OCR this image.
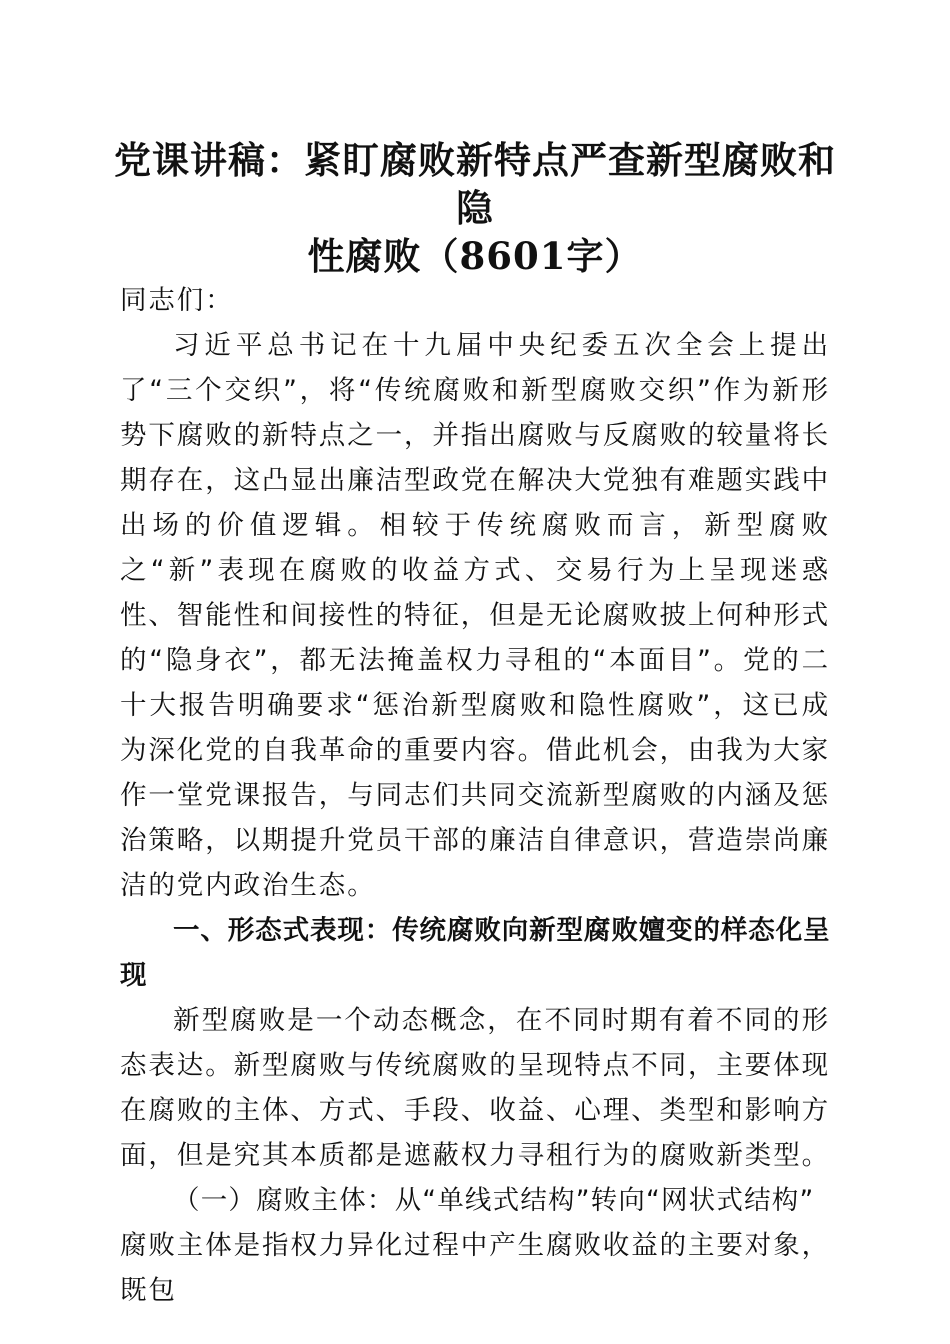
党课讲稿：紧盯腐败新特点严查新型腐败和隐
性腐败（8601字）

同志们：

习近平总书记在十九届中央纪委五次全会上提出了“三个交织”，将“传统腐败和新型腐败交织”作为新形势下腐败的新特点之一，并指出腐败与反腐败的较量将长期存在，这凸显出廉洁型政党在解决大党独有难题实践中出场的价值逻辑。相较于传统腐败而言，新型腐败之“新”表现在腐败的收益方式、交易行为上呈现迷惑性、智能性和间接性的特征，但是无论腐败披上何种形式的“隐身衣”，都无法掩盖权力寻租的“本面目”。党的二十大报告明确要求“惩治新型腐败和隐性腐败”，这已成为深化党的自我革命的重要内容。借此机会，由我为大家作一堂党课报告，与同志们共同交流新型腐败的内涵及惩治策略，以期提升党员干部的廉洁自律意识，营造崇尚廉洁的党内政治生态。

一、形态式表现：传统腐败向新型腐败嬗变的样态化呈现

新型腐败是一个动态概念，在不同时期有着不同的形态表达。新型腐败与传统腐败的呈现特点不同，主要体现在腐败的主体、方式、手段、收益、心理、类型和影响方面，但是究其本质都是遮蔽权力寻租行为的腐败新类型。

（一）腐败主体：从“单线式结构”转向“网状式结构”

腐败主体是指权力异化过程中产生腐败收益的主要对象，既包
